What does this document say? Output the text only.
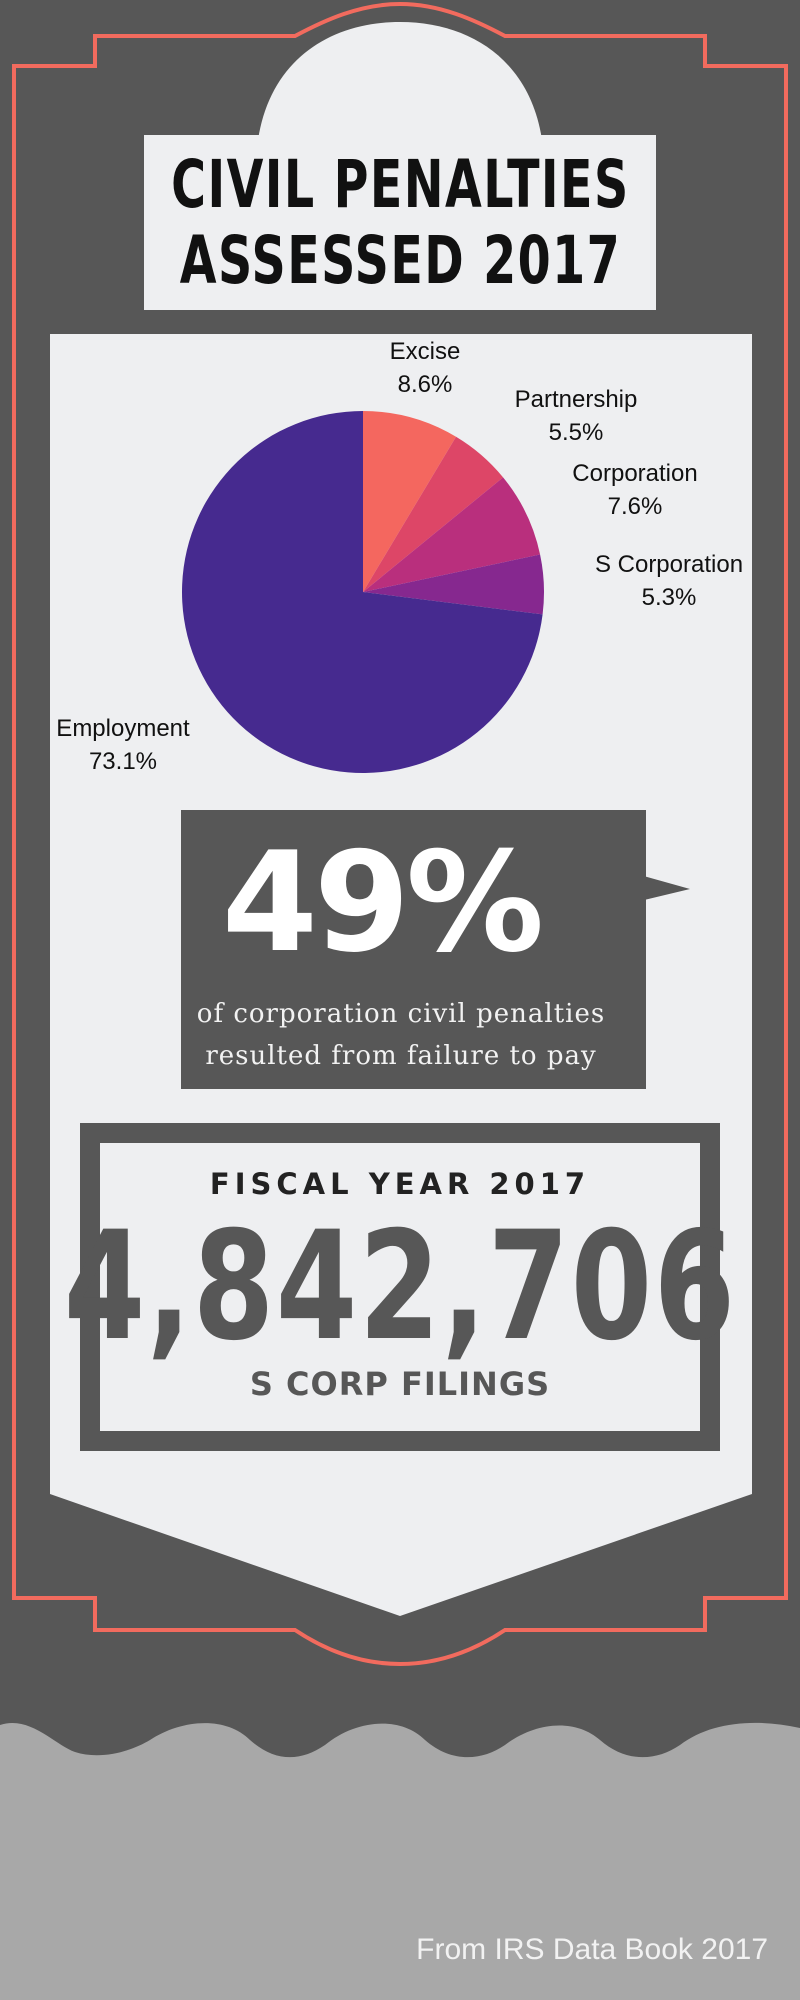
CIVIL PENALTIES
ASSESSED 2017
Excise
8.6%
Partnership
5.5%
Corporation
7.6%
S Corporation
5.3%
Employment
73.1%
49%
of corporation civil penalties
resulted from failure to pay
FISCAL YEAR 2017
4,842,706
S CORP FILINGS
From IRS Data Book 2017
